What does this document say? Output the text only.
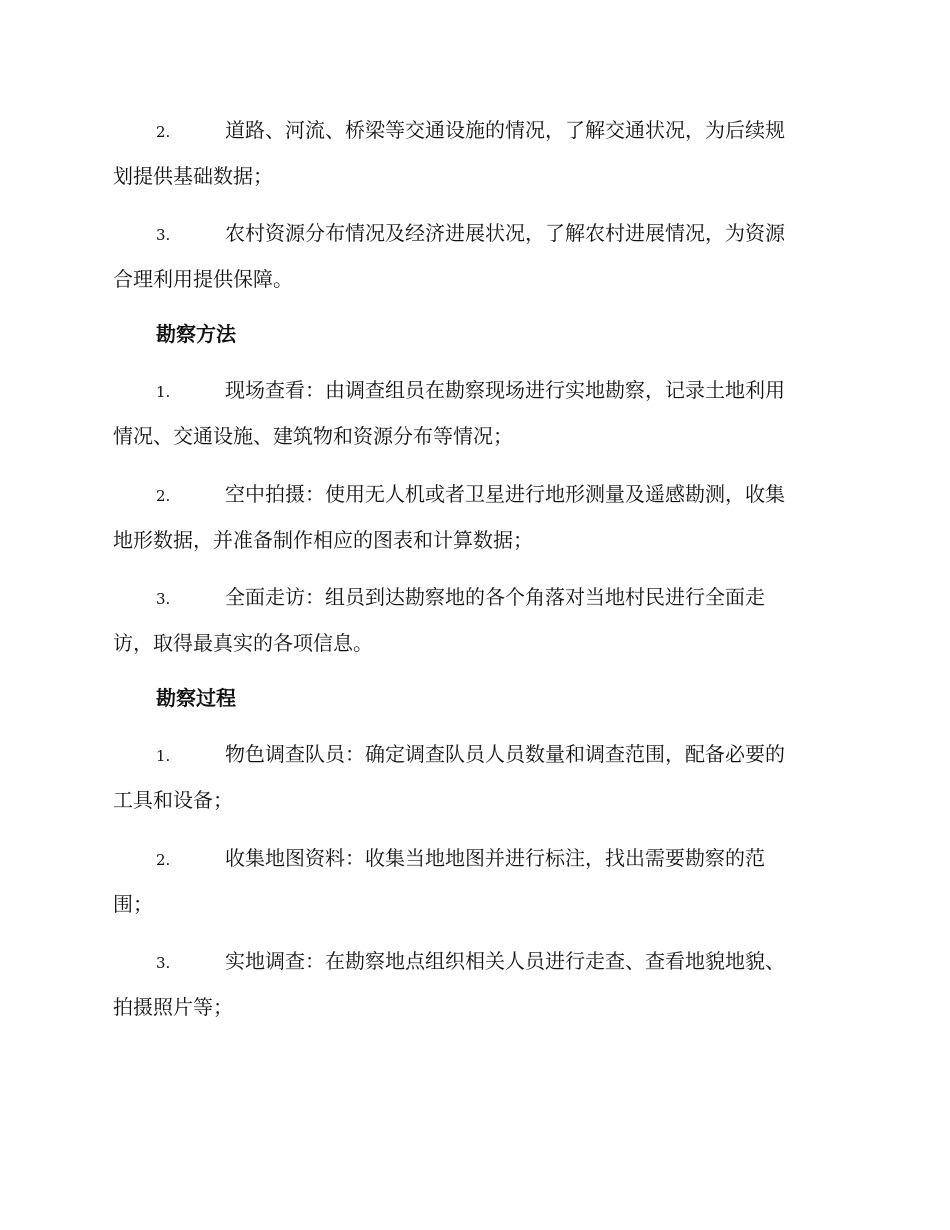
2.	道路、河流、桥梁等交通设施的情况，了解交通状况，为后续规
划提供基础数据；
3.	农村资源分布情况及经济进展状况，了解农村进展情况，为资源
合理利用提供保障。
勘察方法
1.	现场查看：由调查组员在勘察现场进行实地勘察，记录土地利用
情况、交通设施、建筑物和资源分布等情况；
2.	空中拍摄：使用无人机或者卫星进行地形测量及遥感勘测，收集
地形数据，并准备制作相应的图表和计算数据；
3.	全面走访：组员到达勘察地的各个角落对当地村民进行全面走
访，取得最真实的各项信息。
勘察过程
1.	物色调查队员：确定调查队员人员数量和调查范围，配备必要的
工具和设备；
2.	收集地图资料：收集当地地图并进行标注，找出需要勘察的范
围；
3.	实地调查：在勘察地点组织相关人员进行走查、查看地貌地貌、
拍摄照片等；
